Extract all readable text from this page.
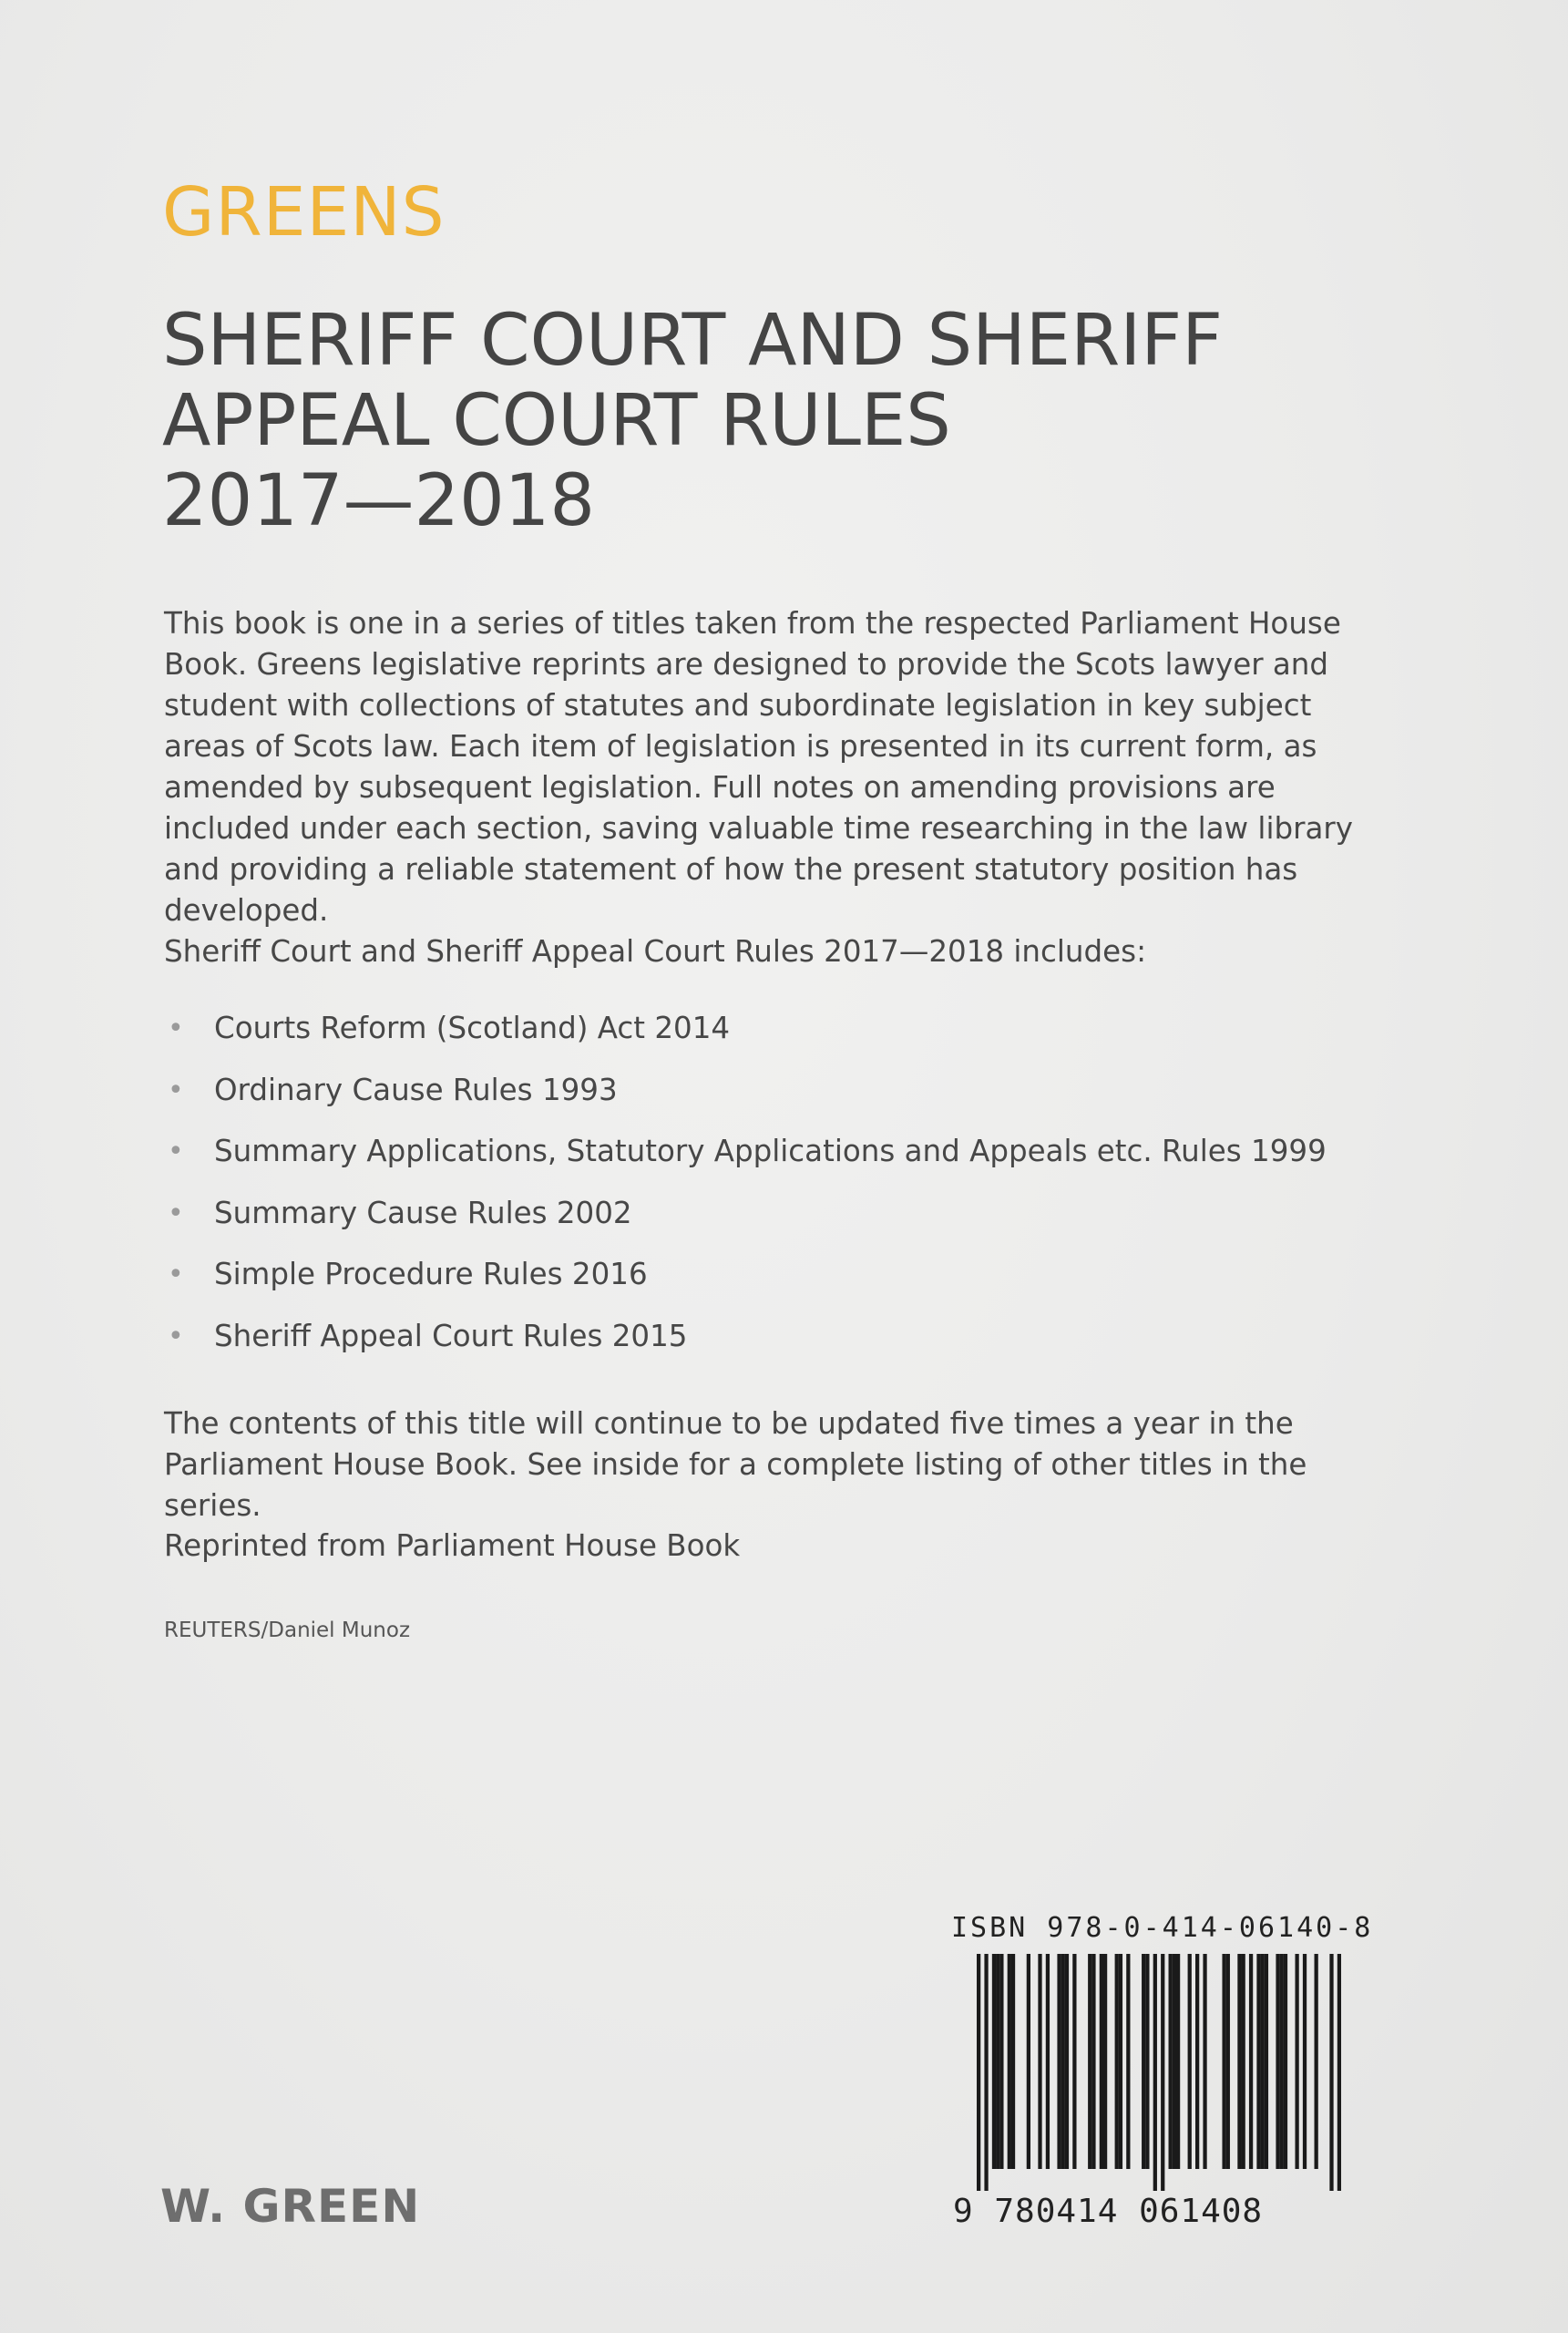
GREENS
SHERIFF COURT AND SHERIFF
APPEAL COURT RULES
2017—2018

This book is one in a series of titles taken from the respected Parliament House Book. Greens legislative reprints are designed to provide the Scots lawyer and student with collections of statutes and subordinate legislation in key subject areas of Scots law. Each item of legislation is presented in its current form, as amended by subsequent legislation. Full notes on amending provisions are included under each section, saving valuable time researching in the law library and providing a reliable statement of how the present statutory position has developed.

Sheriff Court and Sheriff Appeal Court Rules 2017—2018 includes:

• Courts Reform (Scotland) Act 2014
• Ordinary Cause Rules 1993
• Summary Applications, Statutory Applications and Appeals etc. Rules 1999
• Summary Cause Rules 2002
• Simple Procedure Rules 2016
• Sheriff Appeal Court Rules 2015

The contents of this title will continue to be updated five times a year in the Parliament House Book. See inside for a complete listing of other titles in the series.

Reprinted from Parliament House Book

REUTERS/Daniel Munoz

W. GREEN
ISBN 978-0-414-06140-8
9 780414 061408
